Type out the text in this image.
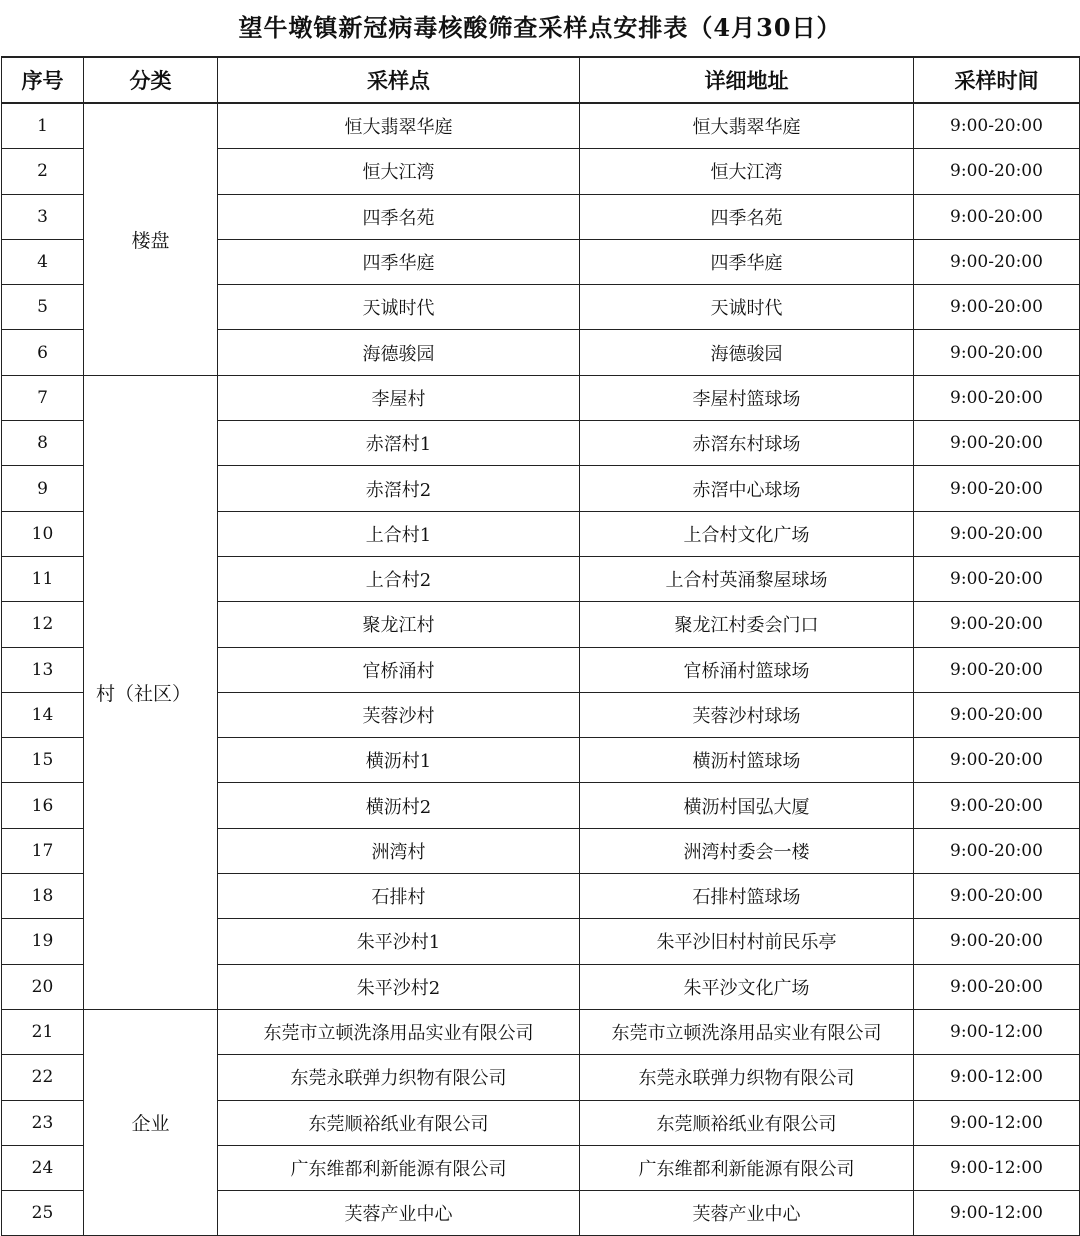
望牛墩镇新冠病毒核酸筛查采样点安排表（4月30日）
序号	分类	采样点	详细地址	采样时间
1	楼盘	恒大翡翠华庭	恒大翡翠华庭	9:00-20:00
2		恒大江湾	恒大江湾	9:00-20:00
3		四季名苑	四季名苑	9:00-20:00
4		四季华庭	四季华庭	9:00-20:00
5		天诚时代	天诚时代	9:00-20:00
6		海德骏园	海德骏园	9:00-20:00
7	村（社区）	李屋村	李屋村篮球场	9:00-20:00
8		赤滘村1	赤滘东村球场	9:00-20:00
9		赤滘村2	赤滘中心球场	9:00-20:00
10		上合村1	上合村文化广场	9:00-20:00
11		上合村2	上合村英涌黎屋球场	9:00-20:00
12		聚龙江村	聚龙江村委会门口	9:00-20:00
13		官桥涌村	官桥涌村篮球场	9:00-20:00
14		芙蓉沙村	芙蓉沙村球场	9:00-20:00
15		横沥村1	横沥村篮球场	9:00-20:00
16		横沥村2	横沥村国弘大厦	9:00-20:00
17		洲湾村	洲湾村委会一楼	9:00-20:00
18		石排村	石排村篮球场	9:00-20:00
19		朱平沙村1	朱平沙旧村村前民乐亭	9:00-20:00
20		朱平沙村2	朱平沙文化广场	9:00-20:00
21	企业	东莞市立顿洗涤用品实业有限公司	东莞市立顿洗涤用品实业有限公司	9:00-12:00
22		东莞永联弹力织物有限公司	东莞永联弹力织物有限公司	9:00-12:00
23		东莞顺裕纸业有限公司	东莞顺裕纸业有限公司	9:00-12:00
24		广东维都利新能源有限公司	广东维都利新能源有限公司	9:00-12:00
25		芙蓉产业中心	芙蓉产业中心	9:00-12:00
